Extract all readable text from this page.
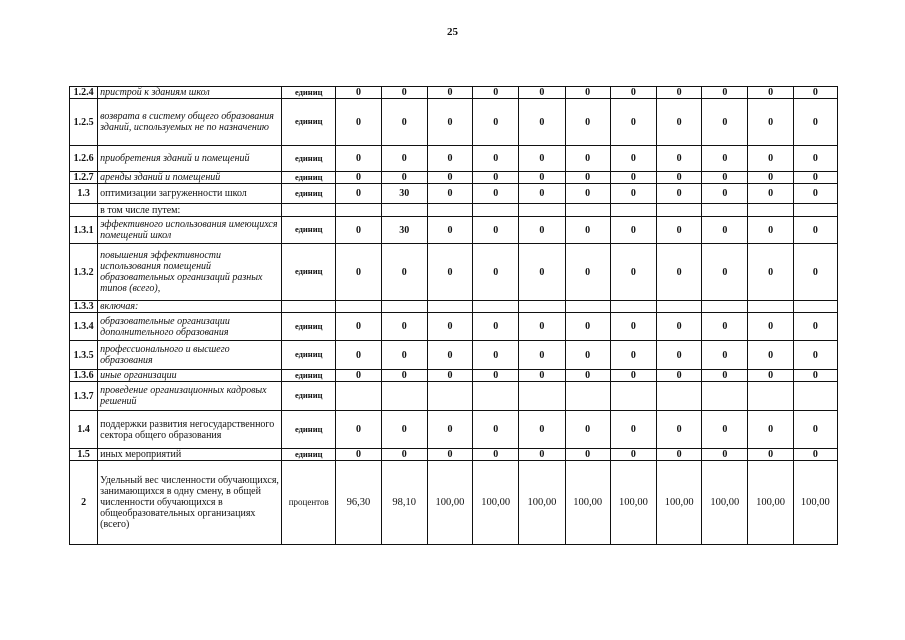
25
1.2.4	пристрой к зданиям школ	единиц	0	0	0	0	0	0	0	0	0	0	0
1.2.5	возврата в систему общего образования зданий, используемых не по назначению	единиц	0	0	0	0	0	0	0	0	0	0	0
1.2.6	приобретения зданий и помещений	единиц	0	0	0	0	0	0	0	0	0	0	0
1.2.7	аренды зданий и помещений	единиц	0	0	0	0	0	0	0	0	0	0	0
1.3	оптимизации загруженности школ	единиц	0	30	0	0	0	0	0	0	0	0	0
	в том числе путем:												
1.3.1	эффективного использования имеющихся помещений школ	единиц	0	30	0	0	0	0	0	0	0	0	0
1.3.2	повышения эффективности использования помещений образовательных организаций разных типов (всего),	единиц	0	0	0	0	0	0	0	0	0	0	0
1.3.3	включая:												
1.3.4	образовательные организации дополнительного образования	единиц	0	0	0	0	0	0	0	0	0	0	0
1.3.5	профессионального и высшего образования	единиц	0	0	0	0	0	0	0	0	0	0	0
1.3.6	иные организации	единиц	0	0	0	0	0	0	0	0	0	0	0
1.3.7	проведение организационных кадровых решений	единиц											
1.4	поддержки развития негосударственного сектора общего образования	единиц	0	0	0	0	0	0	0	0	0	0	0
1.5	иных мероприятий	единиц	0	0	0	0	0	0	0	0	0	0	0
2	Удельный вес численности обучающихся, занимающихся в одну смену, в общей численности обучающихся в общеобразовательных организациях (всего)	процентов	96,30	98,10	100,00	100,00	100,00	100,00	100,00	100,00	100,00	100,00	100,00
